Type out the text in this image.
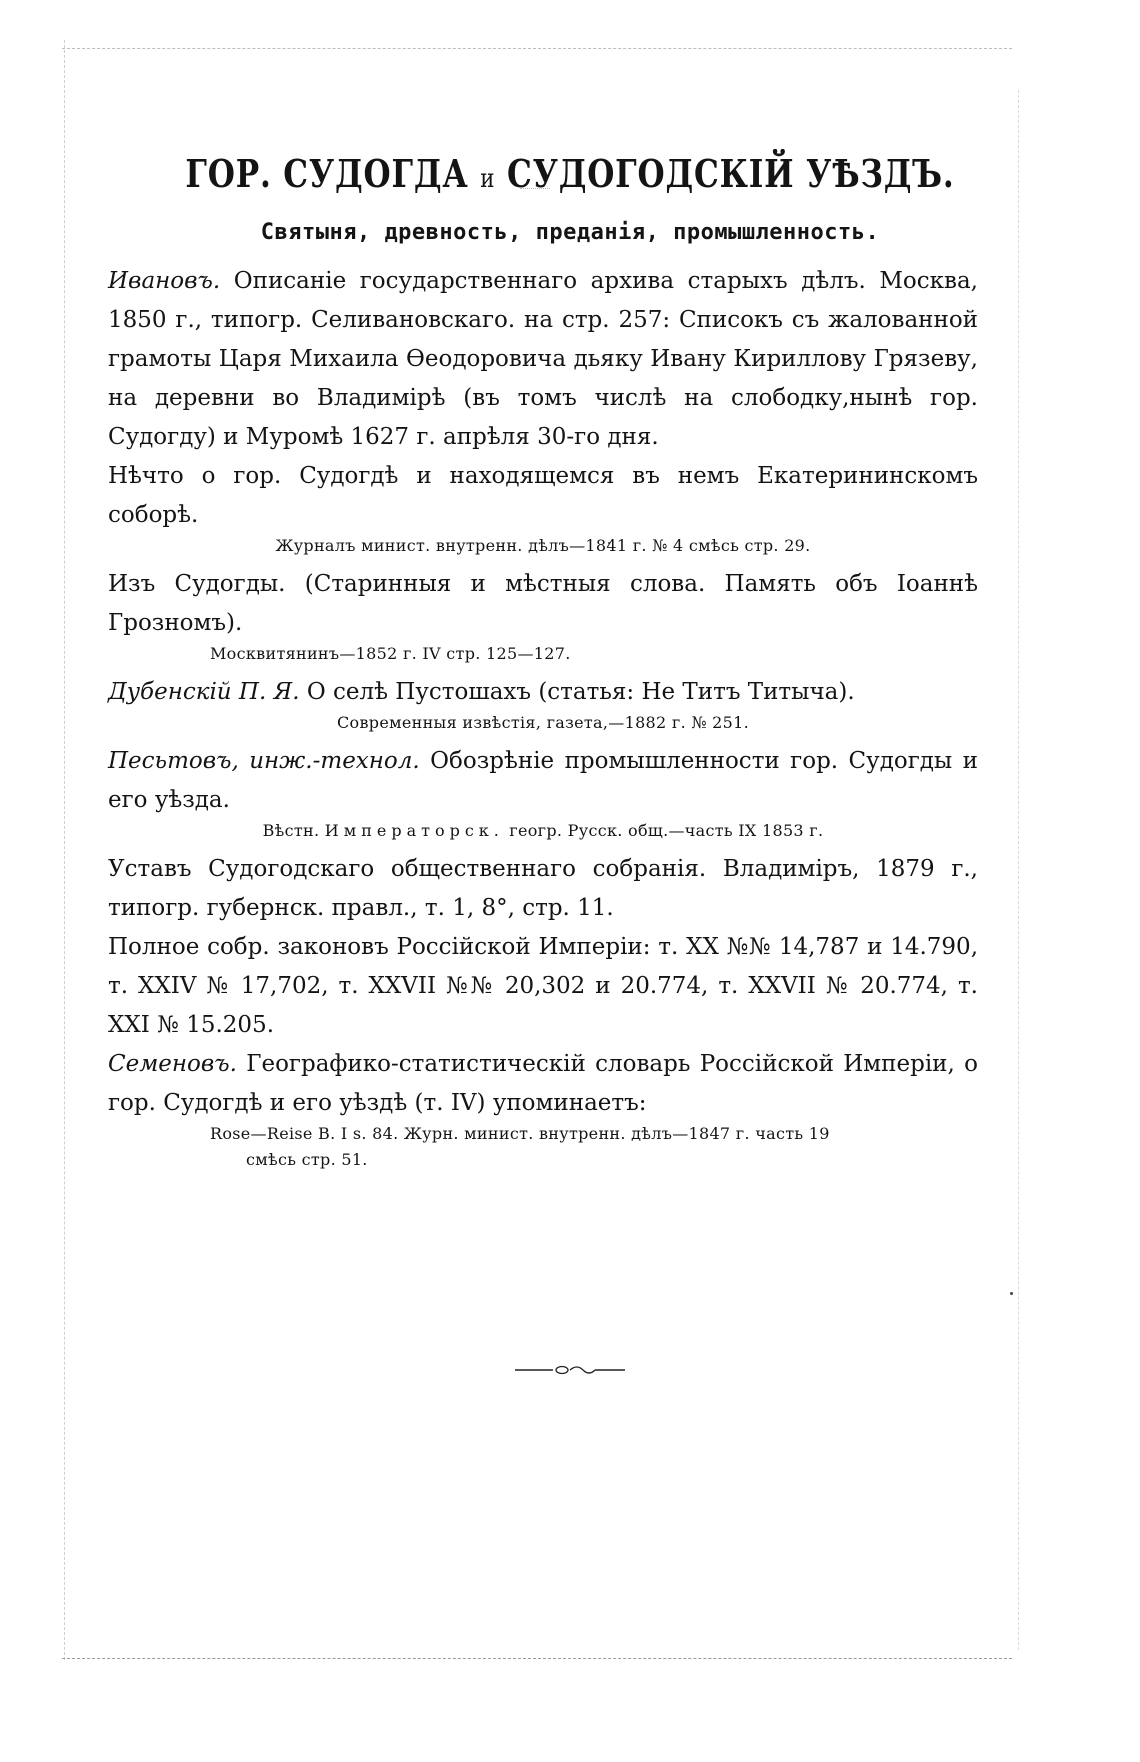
ГОР. СУДОГДА и СУДОГОДСКІЙ УѢЗДЪ.
Святыня, древность, преданія, промышленность.

Ивановъ. Описаніе государственнаго архива старыхъ дѣлъ. Москва, 1850 г., типогр. Селивановскаго. на стр. 257: Списокъ съ жалованной грамоты Царя Михаила Ѳеодоровича дьяку Ивану Кириллову Грязеву, на деревни во Владимірѣ (въ томъ числѣ на слободку,нынѣ гор. Судогду) и Муромѣ 1627 г. апрѣля 30-го дня.

Нѣчто о гор. Судогдѣ и находящемся въ немъ Екатерининскомъ соборѣ.

Журналъ минист. внутренн. дѣлъ—1841 г. № 4 смѣсь стр. 29.

Изъ Судогды. (Старинныя и мѣстныя слова. Память объ Іоаннѣ Грозномъ).

Москвитянинъ—1852 г. IV стр. 125—127.

Дубенскій П. Я. О селѣ Пустошахъ (статья: Не Титъ Титыча).

Современныя извѣстія, газета,—1882 г. № 251.

Песьтовъ, инж.-технол. Обозрѣніе промышленности гор. Судогды и его уѣзда.

Вѣстн. Императорск. геогр. Русск. общ.—часть IX 1853 г.

Уставъ Судогодскаго общественнаго собранія. Владиміръ, 1879 г., типогр. губернск. правл., т. 1, 8°, стр. 11.

Полное собр. законовъ Россійской Имперіи: т. XX №№ 14,787 и 14.790, т. XXIV № 17,702, т. XXVII №№ 20,302 и 20.774, т. XXVII № 20.774, т. XXI № 15.205.

Семеновъ. Географико-статистическій словарь Россійской Имперіи, о гор. Судогдѣ и его уѣздѣ (т. IV) упоминаетъ:

Rose—Reise B. I s. 84. Журн. минист. внутренн. дѣлъ—1847 г. часть 19
смѣсь стр. 51.
